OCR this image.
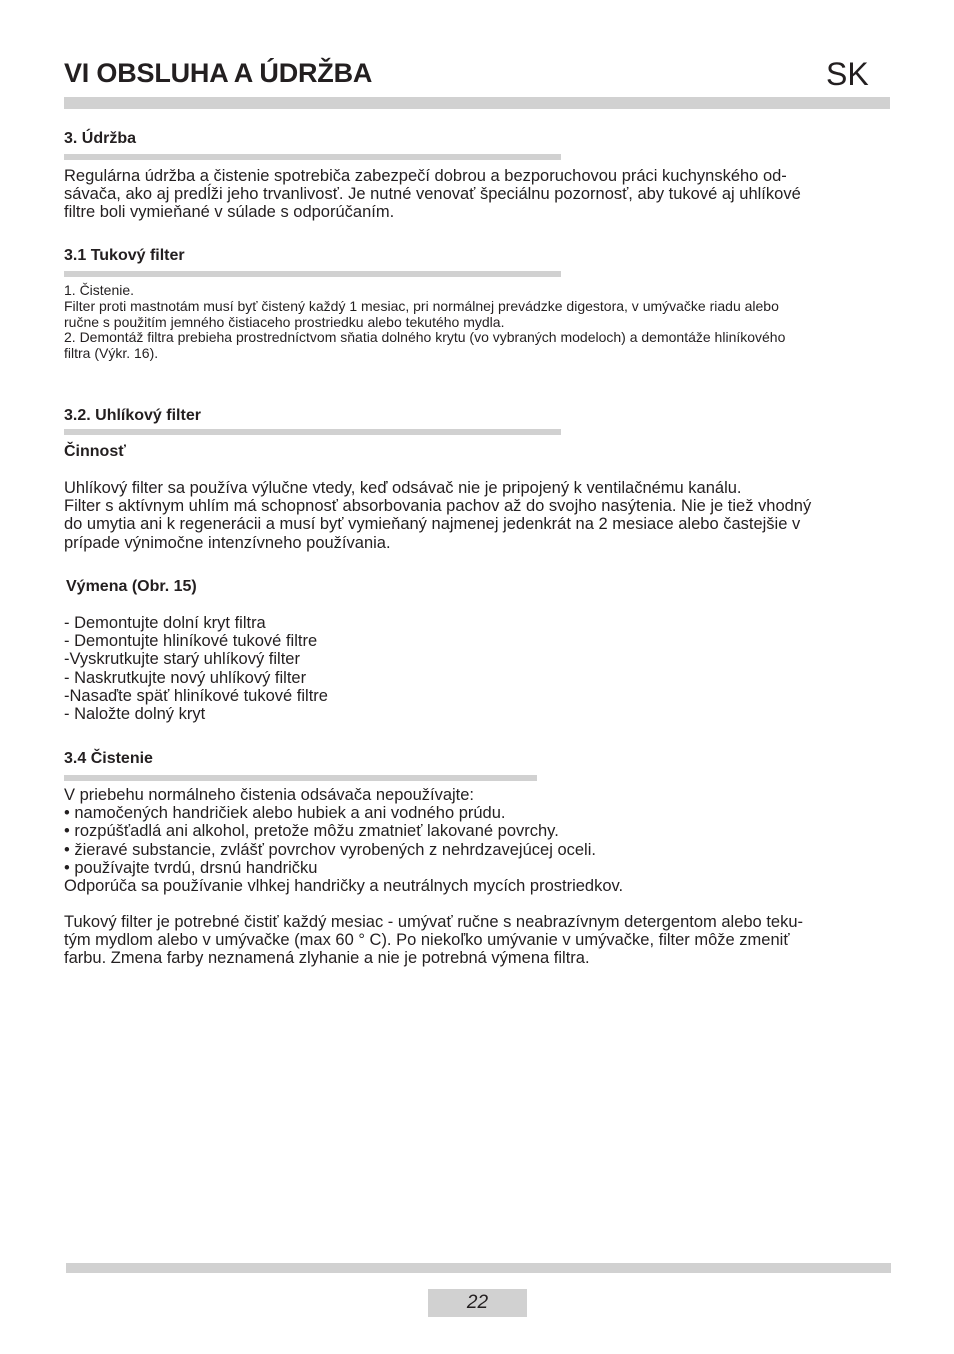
VI OBSLUHA A ÚDRŽBA	SK
3. Údržba
Regulárna údržba a čistenie spotrebiča zabezpečí dobrou a bezporuchovou práci kuchynského od-
sávača, ako aj predĺži jeho trvanlivosť. Je nutné venovať špeciálnu pozornosť, aby tukové aj uhlíkové
filtre boli vymieňané v súlade s odporúčaním.
3.1 Tukový filter
1. Čistenie.
Filter proti mastnotám musí byť čistený každý 1 mesiac, pri normálnej prevádzke digestora, v umývačke riadu alebo
ručne s použitím jemného čistiaceho prostriedku alebo tekutého mydla.
2. Demontáž filtra prebieha prostredníctvom sňatia dolného krytu (vo vybraných modeloch) a demontáže hliníkového
filtra (Výkr. 16).
3.2. Uhlíkový filter
Činnosť
Uhlíkový filter sa používa výlučne vtedy, keď odsávač nie je pripojený k ventilačnému kanálu.
Filter s aktívnym uhlím má schopnosť absorbovania pachov až do svojho nasýtenia. Nie je tiež vhodný
do umytia ani k regenerácii a musí byť vymieňaný najmenej jedenkrát na 2 mesiace alebo častejšie v
prípade výnimočne intenzívneho používania.
Výmena (Obr. 15)
- Demontujte dolní kryt filtra
- Demontujte hliníkové tukové filtre
-Vyskrutkujte starý uhlíkový filter
- Naskrutkujte nový uhlíkový filter
-Nasaďte späť hliníkové tukové filtre
- Naložte dolný kryt
3.4 Čistenie
V priebehu normálneho čistenia odsávača nepoužívajte:
• namočených handričiek alebo hubiek a ani vodného prúdu.
• rozpúšťadlá ani alkohol, pretože môžu zmatnieť lakované povrchy.
• žieravé substancie, zvlášť povrchov vyrobených z nehrdzavejúcej oceli.
• používajte tvrdú, drsnú handričku
Odporúča sa používanie vlhkej handričky a neutrálnych mycích prostriedkov.
Tukový filter je potrebné čistiť každý mesiac - umývať ručne s neabrazívnym detergentom alebo teku-
tým mydlom alebo v umývačke (max 60 ° C). Po niekoľko umývanie v umývačke, filter môže zmeniť
farbu. Zmena farby neznamená zlyhanie a nie je potrebná výmena filtra.
22
